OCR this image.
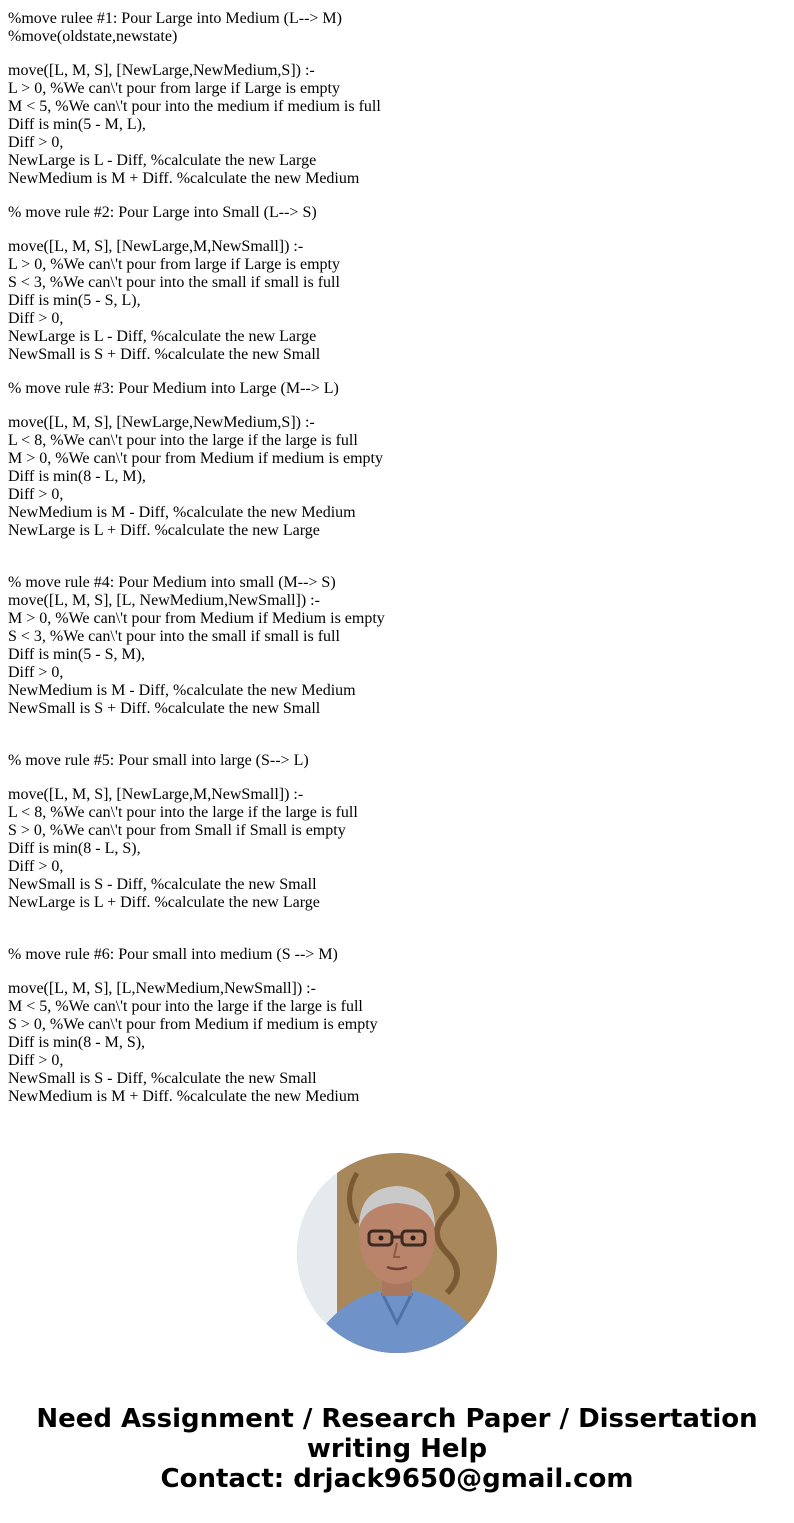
%move rulee #1: Pour Large into Medium (L--> M)
%move(oldstate,newstate)
move([L, M, S], [NewLarge,NewMedium,S]) :-
L > 0, %We can\'t pour from large if Large is empty
M < 5, %We can\'t pour into the medium if medium is full
Diff is min(5 - M, L),
Diff > 0,
NewLarge is L - Diff, %calculate the new Large
NewMedium is M + Diff. %calculate the new Medium
% move rule #2: Pour Large into Small (L--> S)
move([L, M, S], [NewLarge,M,NewSmall]) :-
L > 0, %We can\'t pour from large if Large is empty
S < 3, %We can\'t pour into the small if small is full
Diff is min(5 - S, L),
Diff > 0,
NewLarge is L - Diff, %calculate the new Large
NewSmall is S + Diff. %calculate the new Small
% move rule #3: Pour Medium into Large (M--> L)
move([L, M, S], [NewLarge,NewMedium,S]) :-
L < 8, %We can\'t pour into the large if the large is full
M > 0, %We can\'t pour from Medium if medium is empty
Diff is min(8 - L, M),
Diff > 0,
NewMedium is M - Diff, %calculate the new Medium
NewLarge is L + Diff. %calculate the new Large
% move rule #4: Pour Medium into small (M--> S)
move([L, M, S], [L, NewMedium,NewSmall]) :-
M > 0, %We can\'t pour from Medium if Medium is empty
S < 3, %We can\'t pour into the small if small is full
Diff is min(5 - S, M),
Diff > 0,
NewMedium is M - Diff, %calculate the new Medium
NewSmall is S + Diff. %calculate the new Small
% move rule #5: Pour small into large (S--> L)
move([L, M, S], [NewLarge,M,NewSmall]) :-
L < 8, %We can\'t pour into the large if the large is full
S > 0, %We can\'t pour from Small if Small is empty
Diff is min(8 - L, S),
Diff > 0,
NewSmall is S - Diff, %calculate the new Small
NewLarge is L + Diff. %calculate the new Large
% move rule #6: Pour small into medium (S --> M)
move([L, M, S], [L,NewMedium,NewSmall]) :-
M < 5, %We can\'t pour into the large if the large is full
S > 0, %We can\'t pour from Medium if medium is empty
Diff is min(8 - M, S),
Diff > 0,
NewSmall is S - Diff, %calculate the new Small
NewMedium is M + Diff. %calculate the new Medium
Need Assignment / Research Paper / Dissertation
writing Help
Contact: drjack9650@gmail.com
